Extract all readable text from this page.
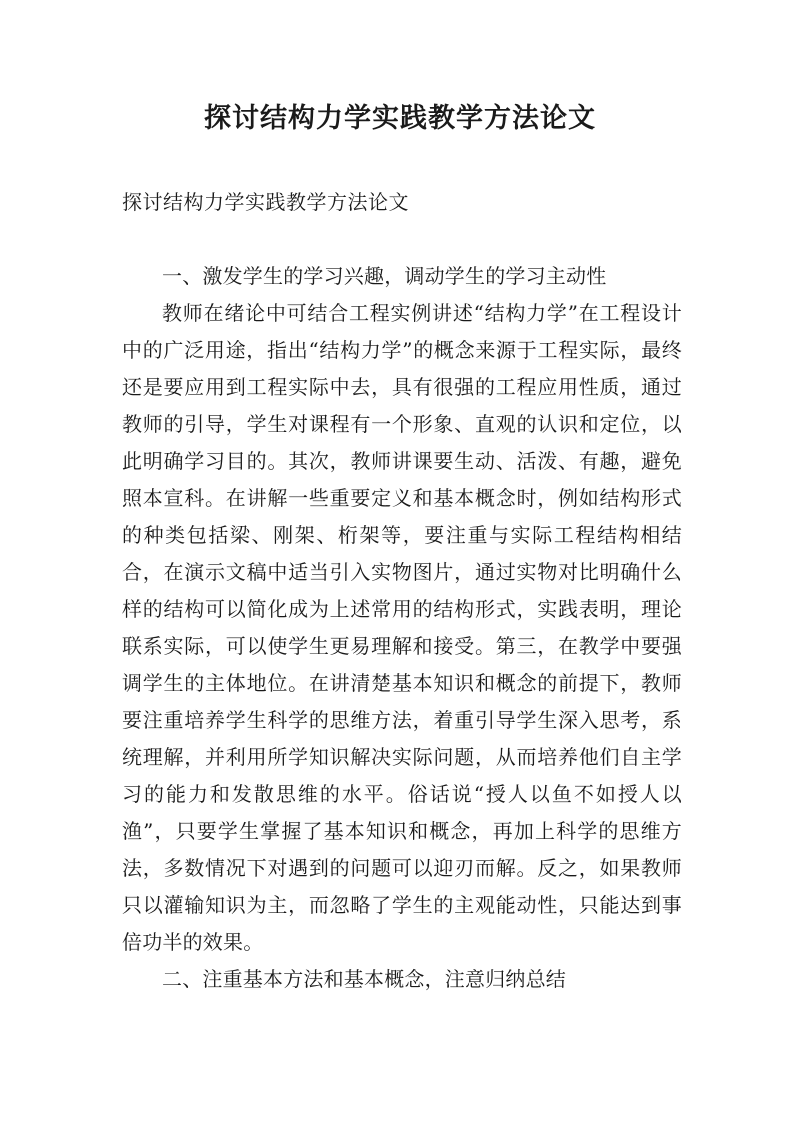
探讨结构力学实践教学方法论文

探讨结构力学实践教学方法论文

一、激发学生的学习兴趣，调动学生的学习主动性

教师在绪论中可结合工程实例讲述“结构力学”在工程设计中的广泛用途，指出“结构力学”的概念来源于工程实际，最终还是要应用到工程实际中去，具有很强的工程应用性质，通过教师的引导，学生对课程有一个形象、直观的认识和定位，以此明确学习目的。其次，教师讲课要生动、活泼、有趣，避免照本宣科。在讲解一些重要定义和基本概念时，例如结构形式的种类包括梁、刚架、桁架等，要注重与实际工程结构相结合，在演示文稿中适当引入实物图片，通过实物对比明确什么样的结构可以简化成为上述常用的结构形式，实践表明，理论联系实际，可以使学生更易理解和接受。第三，在教学中要强调学生的主体地位。在讲清楚基本知识和概念的前提下，教师要注重培养学生科学的思维方法，着重引导学生深入思考，系统理解，并利用所学知识解决实际问题，从而培养他们自主学习的能力和发散思维的水平。俗话说“授人以鱼不如授人以渔”，只要学生掌握了基本知识和概念，再加上科学的思维方法，多数情况下对遇到的问题可以迎刃而解。反之，如果教师只以灌输知识为主，而忽略了学生的主观能动性，只能达到事倍功半的效果。

二、注重基本方法和基本概念，注意归纳总结
